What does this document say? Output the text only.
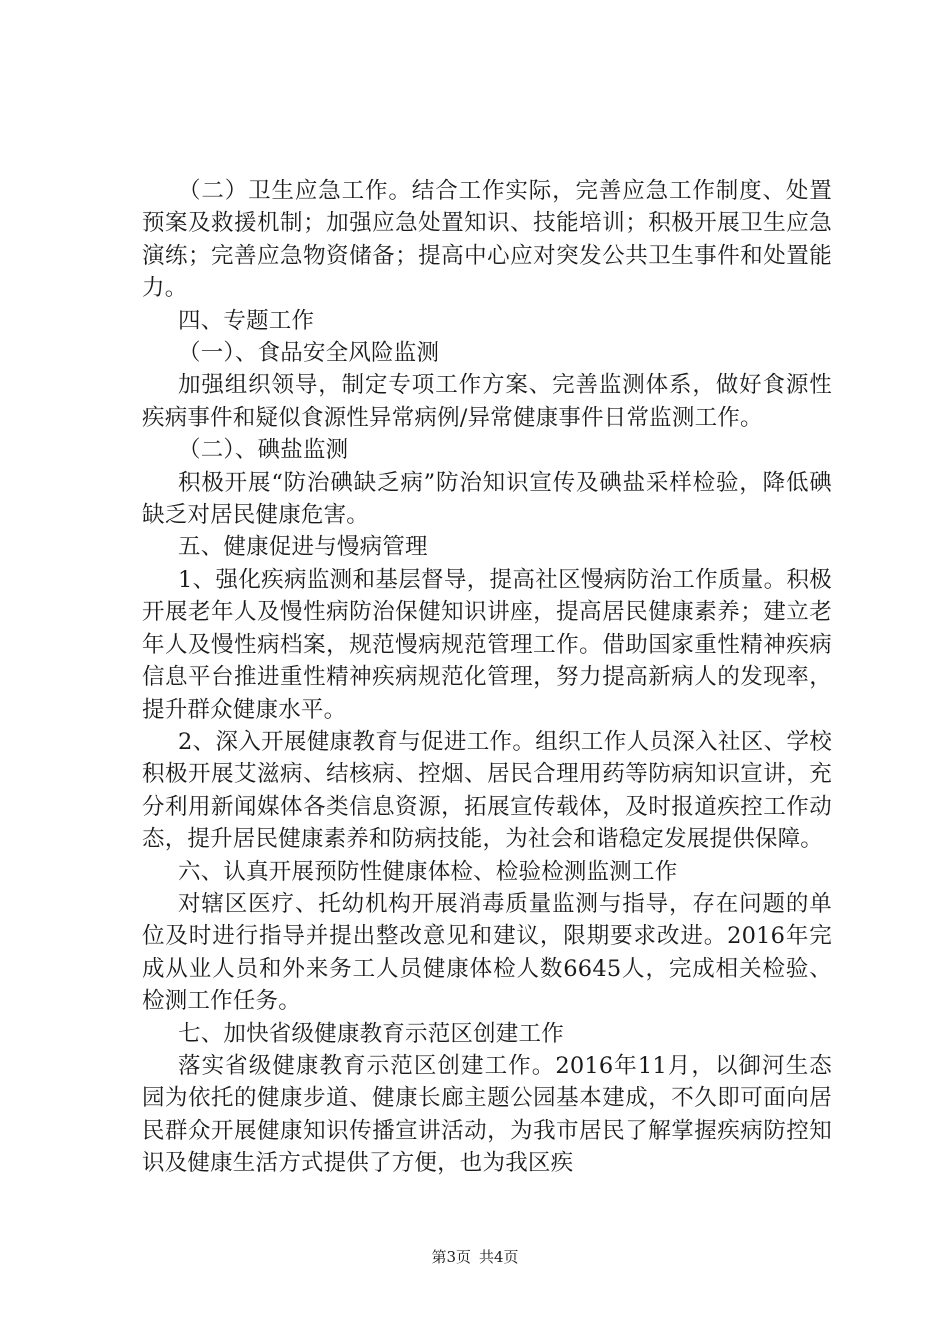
（二）卫生应急工作。结合工作实际，完善应急工作制度、处置预案及救援机制；加强应急处置知识、技能培训；积极开展卫生应急演练；完善应急物资储备；提高中心应对突发公共卫生事件和处置能力。

四、专题工作

（一）、食品安全风险监测

加强组织领导，制定专项工作方案、完善监测体系，做好食源性疾病事件和疑似食源性异常病例/异常健康事件日常监测工作。

（二）、碘盐监测

积极开展“防治碘缺乏病”防治知识宣传及碘盐采样检验，降低碘缺乏对居民健康危害。

五、健康促进与慢病管理

1、强化疾病监测和基层督导，提高社区慢病防治工作质量。积极开展老年人及慢性病防治保健知识讲座，提高居民健康素养；建立老年人及慢性病档案，规范慢病规范管理工作。借助国家重性精神疾病信息平台推进重性精神疾病规范化管理，努力提高新病人的发现率，提升群众健康水平。

2、深入开展健康教育与促进工作。组织工作人员深入社区、学校积极开展艾滋病、结核病、控烟、居民合理用药等防病知识宣讲，充分利用新闻媒体各类信息资源，拓展宣传载体，及时报道疾控工作动态，提升居民健康素养和防病技能，为社会和谐稳定发展提供保障。

六、认真开展预防性健康体检、检验检测监测工作

对辖区医疗、托幼机构开展消毒质量监测与指导，存在问题的单位及时进行指导并提出整改意见和建议，限期要求改进。2016年完成从业人员和外来务工人员健康体检人数6645人，完成相关检验、检测工作任务。

七、加快省级健康教育示范区创建工作

落实省级健康教育示范区创建工作。2016年11月，以御河生态园为依托的健康步道、健康长廊主题公园基本建成，不久即可面向居民群众开展健康知识传播宣讲活动，为我市居民了解掌握疾病防控知识及健康生活方式提供了方便，也为我区疾

第3页 共4页
